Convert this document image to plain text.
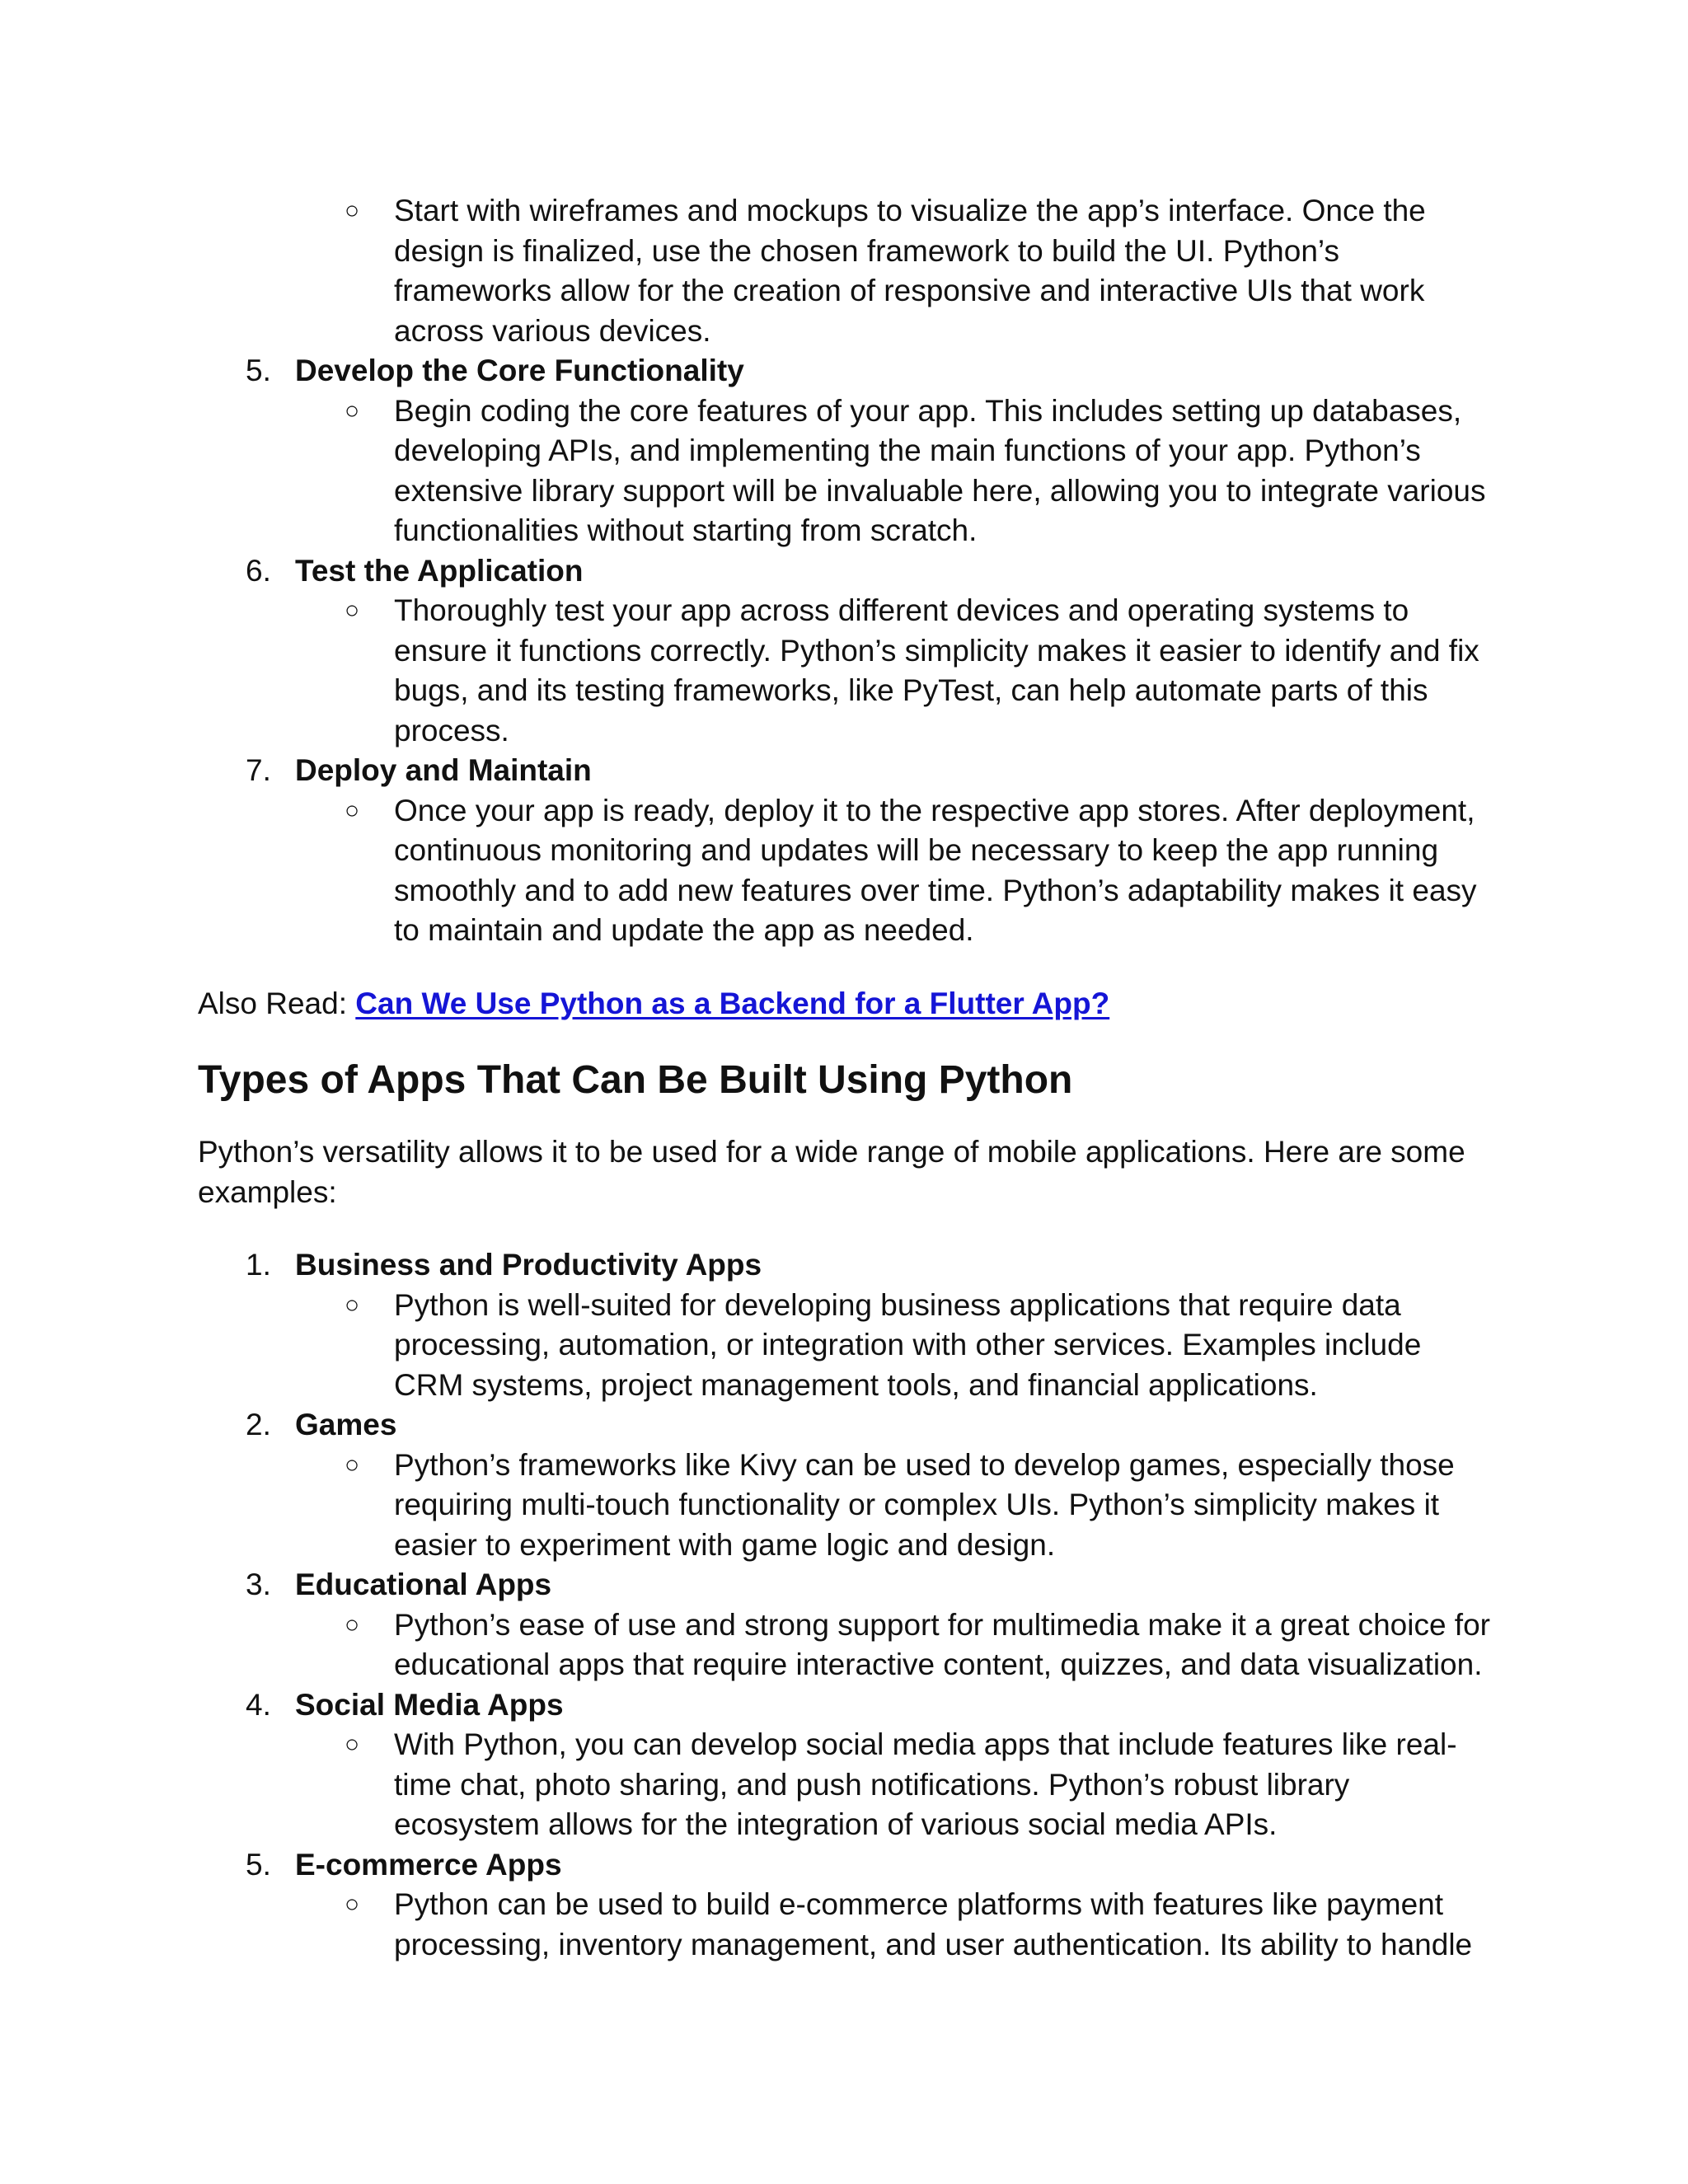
○ Start with wireframes and mockups to visualize the app’s interface. Once the
design is finalized, use the chosen framework to build the UI. Python’s
frameworks allow for the creation of responsive and interactive UIs that work
across various devices.
5. Develop the Core Functionality
○ Begin coding the core features of your app. This includes setting up databases,
developing APIs, and implementing the main functions of your app. Python’s
extensive library support will be invaluable here, allowing you to integrate various
functionalities without starting from scratch.
6. Test the Application
○ Thoroughly test your app across different devices and operating systems to
ensure it functions correctly. Python’s simplicity makes it easier to identify and fix
bugs, and its testing frameworks, like PyTest, can help automate parts of this
process.
7. Deploy and Maintain
○ Once your app is ready, deploy it to the respective app stores. After deployment,
continuous monitoring and updates will be necessary to keep the app running
smoothly and to add new features over time. Python’s adaptability makes it easy
to maintain and update the app as needed.
Also Read: Can We Use Python as a Backend for a Flutter App?
Types of Apps That Can Be Built Using Python
Python’s versatility allows it to be used for a wide range of mobile applications. Here are some
examples:
1. Business and Productivity Apps
○ Python is well-suited for developing business applications that require data
processing, automation, or integration with other services. Examples include
CRM systems, project management tools, and financial applications.
2. Games
○ Python’s frameworks like Kivy can be used to develop games, especially those
requiring multi-touch functionality or complex UIs. Python’s simplicity makes it
easier to experiment with game logic and design.
3. Educational Apps
○ Python’s ease of use and strong support for multimedia make it a great choice for
educational apps that require interactive content, quizzes, and data visualization.
4. Social Media Apps
○ With Python, you can develop social media apps that include features like real-
time chat, photo sharing, and push notifications. Python’s robust library
ecosystem allows for the integration of various social media APIs.
5. E-commerce Apps
○ Python can be used to build e-commerce platforms with features like payment
processing, inventory management, and user authentication. Its ability to handle
